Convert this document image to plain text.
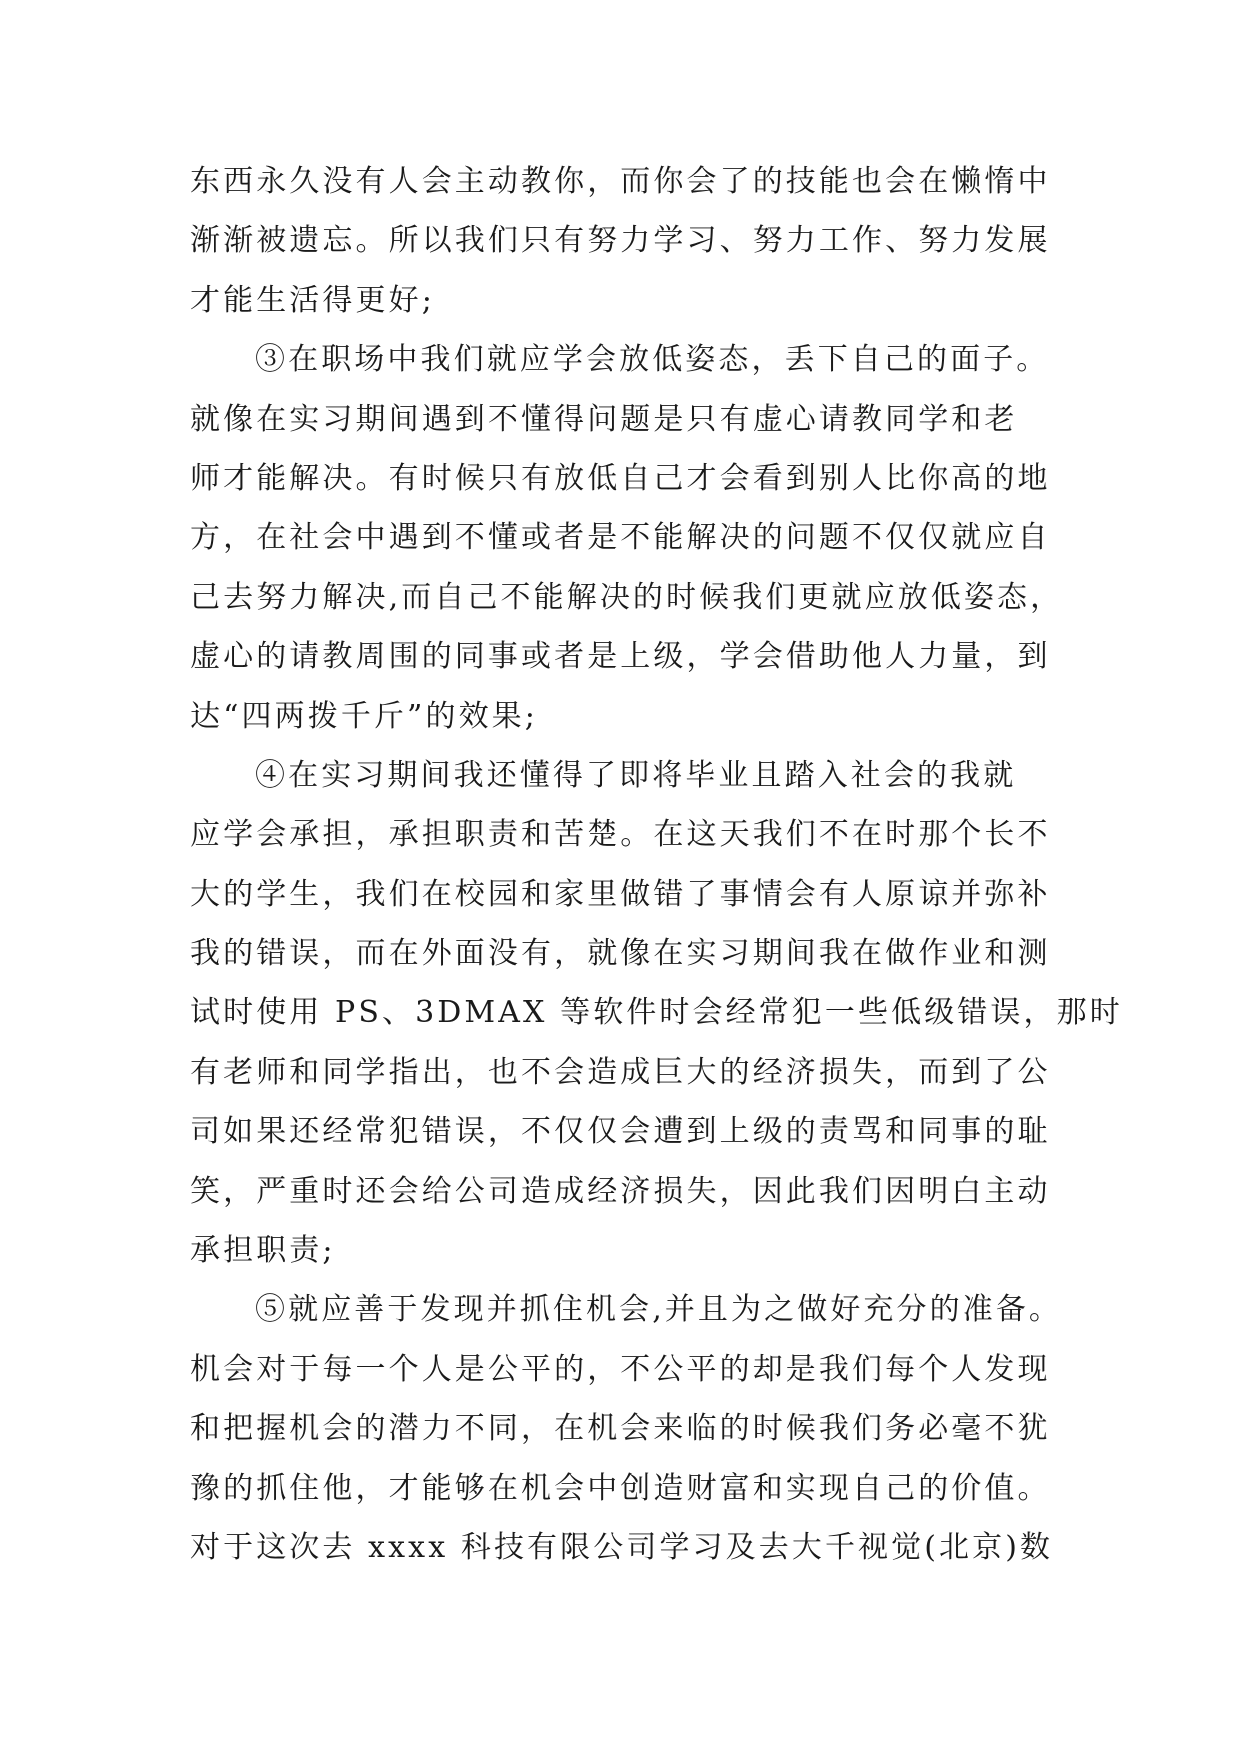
东西永久没有人会主动教你，而你会了的技能也会在懒惰中
渐渐被遗忘。所以我们只有努力学习、努力工作、努力发展
才能生活得更好;
③在职场中我们就应学会放低姿态，丢下自己的面子。
就像在实习期间遇到不懂得问题是只有虚心请教同学和老
师才能解决。有时候只有放低自己才会看到别人比你高的地
方，在社会中遇到不懂或者是不能解决的问题不仅仅就应自
己去努力解决,而自己不能解决的时候我们更就应放低姿态，
虚心的请教周围的同事或者是上级，学会借助他人力量，到
达“四两拨千斤”的效果;
④在实习期间我还懂得了即将毕业且踏入社会的我就
应学会承担，承担职责和苦楚。在这天我们不在时那个长不
大的学生，我们在校园和家里做错了事情会有人原谅并弥补
我的错误，而在外面没有，就像在实习期间我在做作业和测
试时使用 PS、3DMAX 等软件时会经常犯一些低级错误，那时
有老师和同学指出，也不会造成巨大的经济损失，而到了公
司如果还经常犯错误，不仅仅会遭到上级的责骂和同事的耻
笑，严重时还会给公司造成经济损失，因此我们因明白主动
承担职责;
⑤就应善于发现并抓住机会,并且为之做好充分的准备。
机会对于每一个人是公平的，不公平的却是我们每个人发现
和把握机会的潜力不同，在机会来临的时候我们务必毫不犹
豫的抓住他，才能够在机会中创造财富和实现自己的价值。
对于这次去 xxxx 科技有限公司学习及去大千视觉(北京)数
